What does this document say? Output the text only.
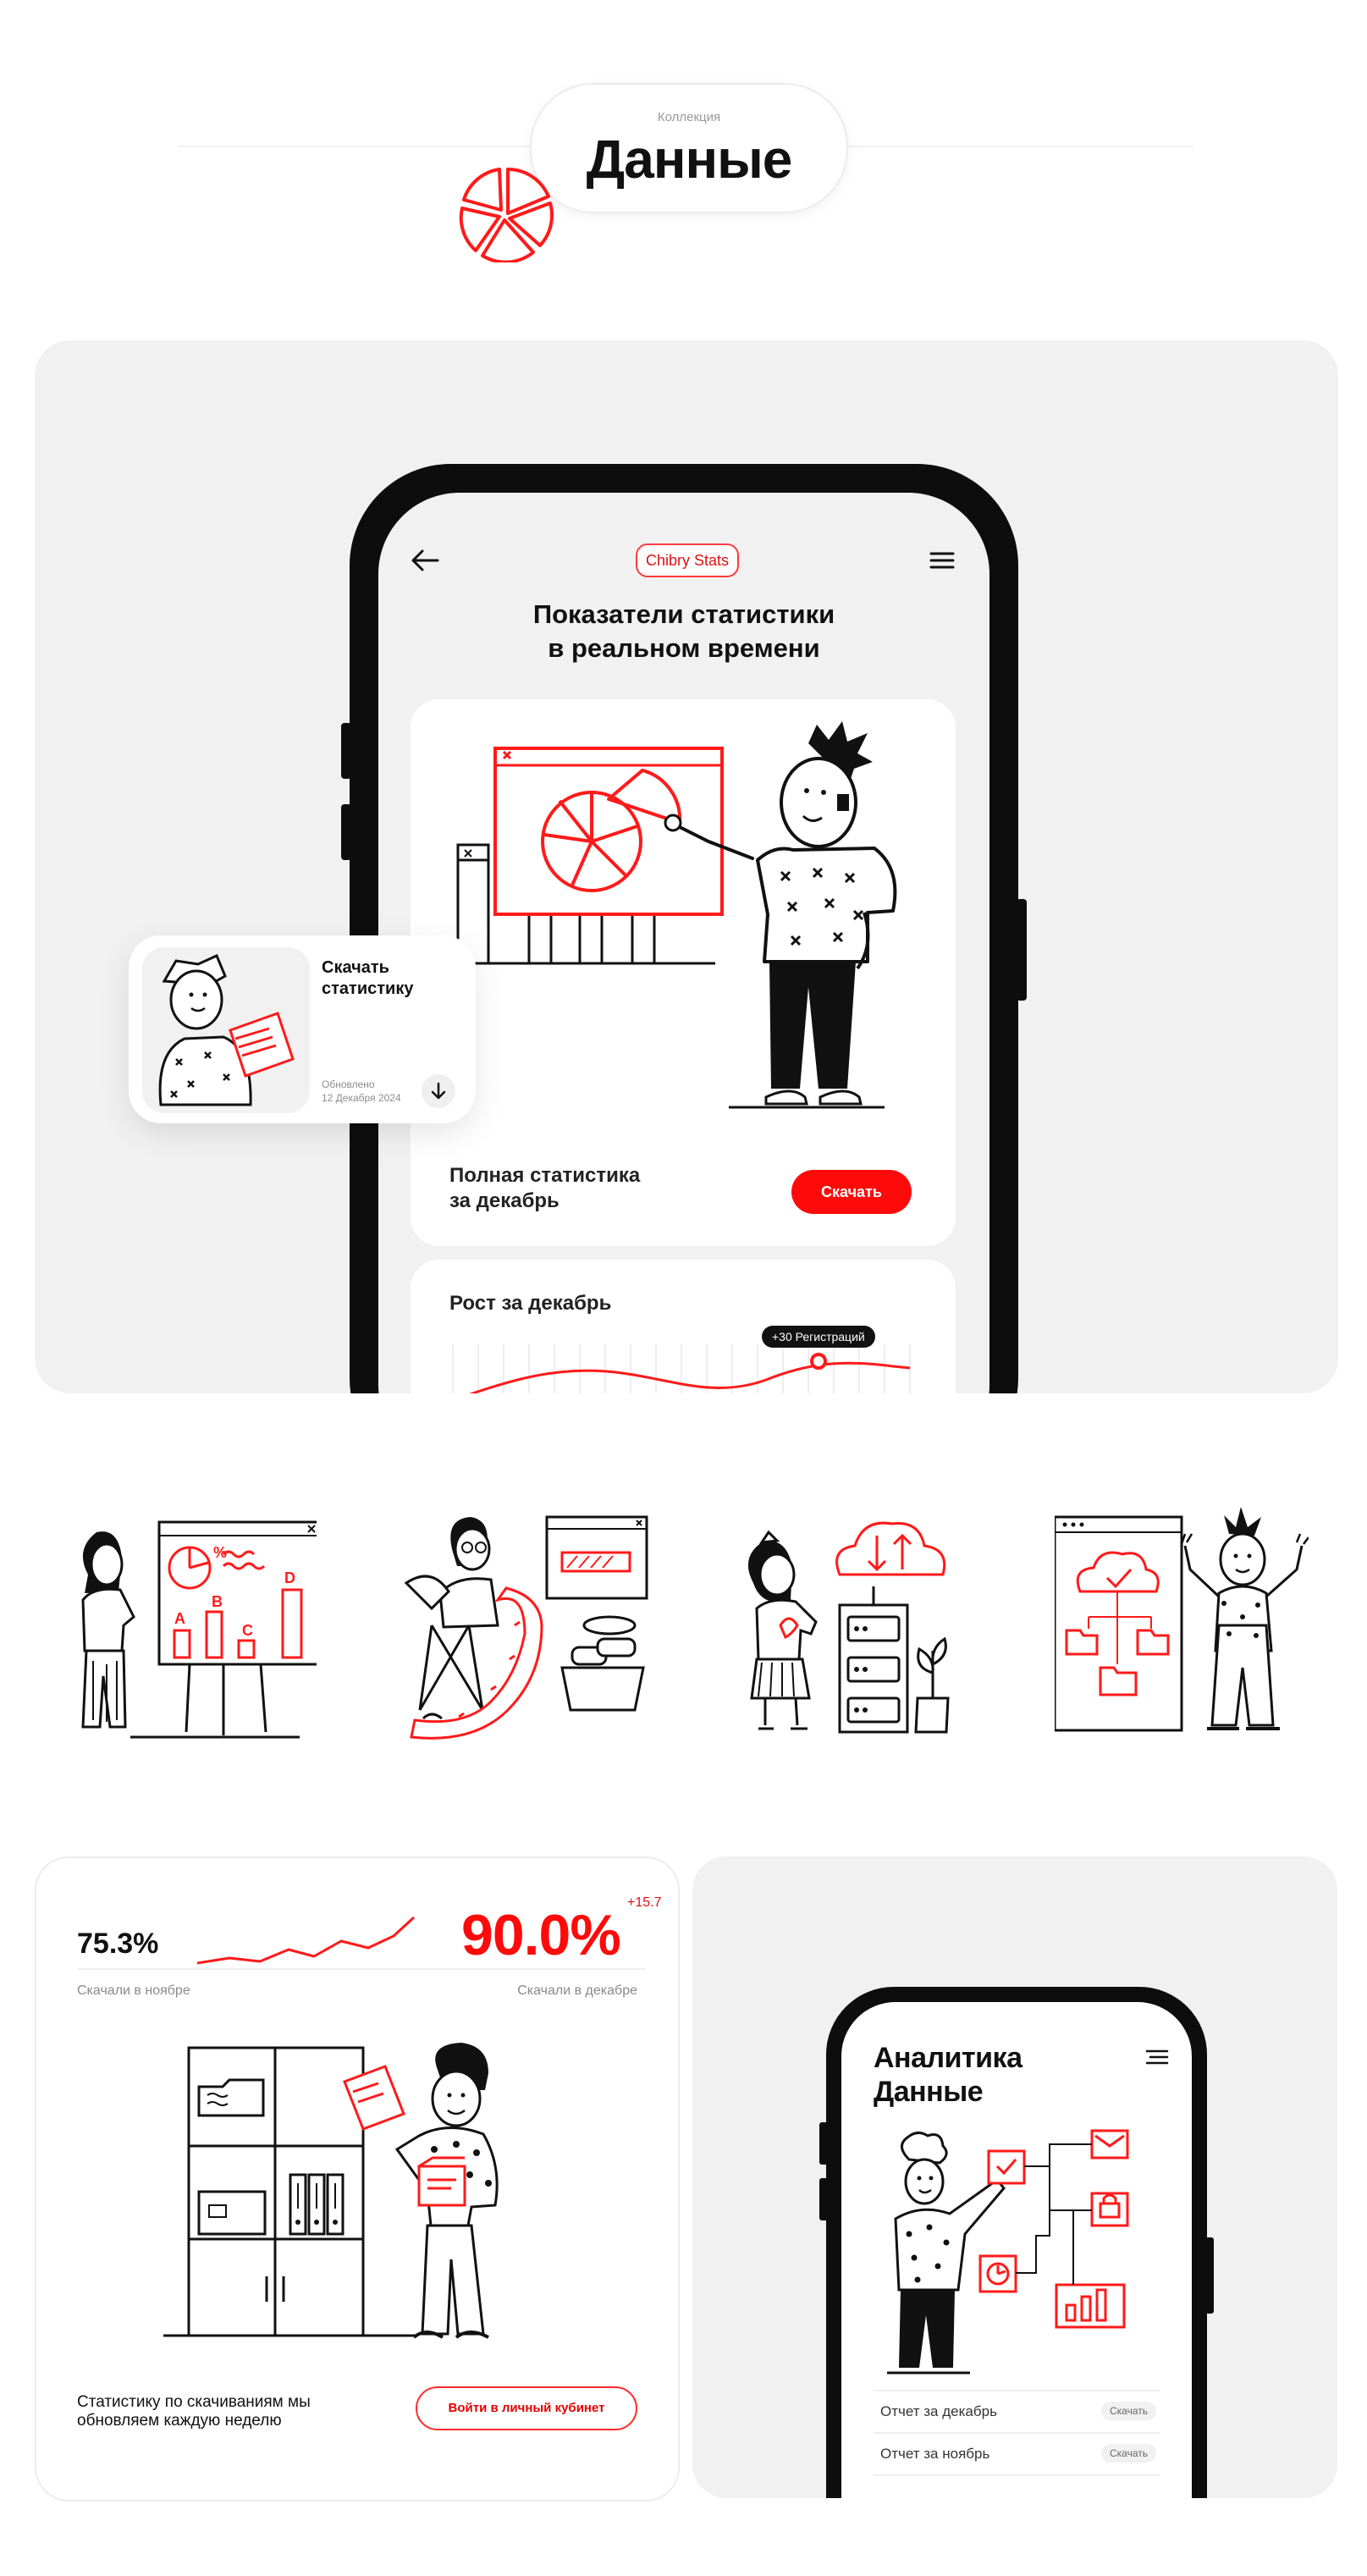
Коллекция
Данные
Chibry Stats
Показатели статистики
в реальном времени
Полная статистика
за декабрь	Скачать
Рост за декабрь
+30 Регистраций
Скачать
статистику
Обновлено
12 Декабря 2024
A
B
C
D
%
75.3%
+15.7
90.0%
Скачали в ноябре	Скачали в декабре
Статистику по скачиваниям мы
обновляем каждую неделю
Войти в личный кубинет
Аналитика
Данные
Отчет за декабрь	Скачать
Отчет за ноябрь	Скачать
